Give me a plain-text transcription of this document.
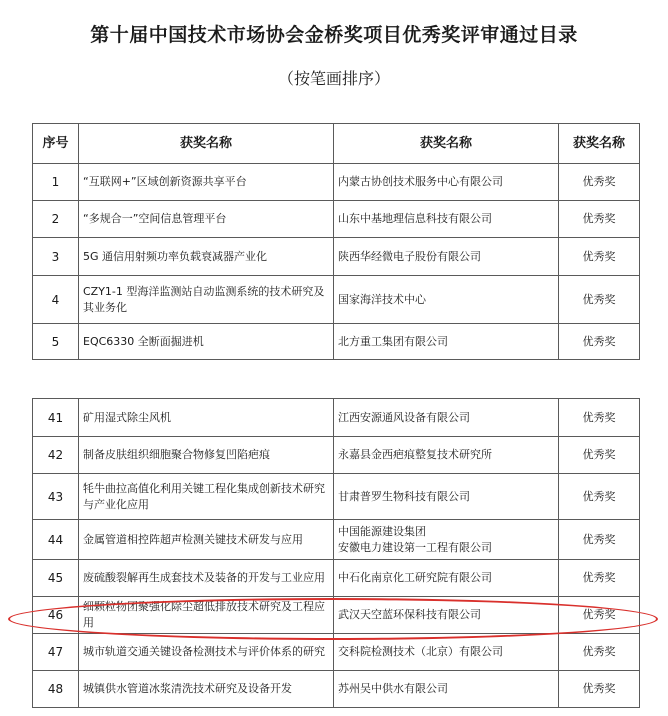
第十届中国技术市场协会金桥奖项目优秀奖评审通过目录
（按笔画排序）
序号	获奖名称	获奖名称	获奖名称
1	“互联网+”区域创新资源共享平台	内蒙古协创技术服务中心有限公司	优秀奖
2	“多规合一”空间信息管理平台	山东中基地理信息科技有限公司	优秀奖
3	5G 通信用射频功率负载衰减器产业化	陕西华经微电子股份有限公司	优秀奖
4	CZY1-1 型海洋监测站自动监测系统的技术研究及其业务化	国家海洋技术中心	优秀奖
5	EQC6330 全断面掘进机	北方重工集团有限公司	优秀奖
41	矿用湿式除尘风机	江西安源通风设备有限公司	优秀奖
42	制备皮肤组织细胞聚合物修复凹陷疤痕	永嘉县金西疤痕整复技术研究所	优秀奖
43	牦牛曲拉高值化利用关键工程化集成创新技术研究与产业化应用	甘肃普罗生物科技有限公司	优秀奖
44	金属管道相控阵超声检测关键技术研发与应用	中国能源建设集团
安徽电力建设第一工程有限公司	优秀奖
45	废硫酸裂解再生成套技术及装备的开发与工业应用	中石化南京化工研究院有限公司	优秀奖
46	细颗粒物团聚强化除尘超低排放技术研究及工程应用	武汉天空蓝环保科技有限公司	优秀奖
47	城市轨道交通关键设备检测技术与评价体系的研究	交科院检测技术（北京）有限公司	优秀奖
48	城镇供水管道冰浆清洗技术研究及设备开发	苏州吴中供水有限公司	优秀奖
